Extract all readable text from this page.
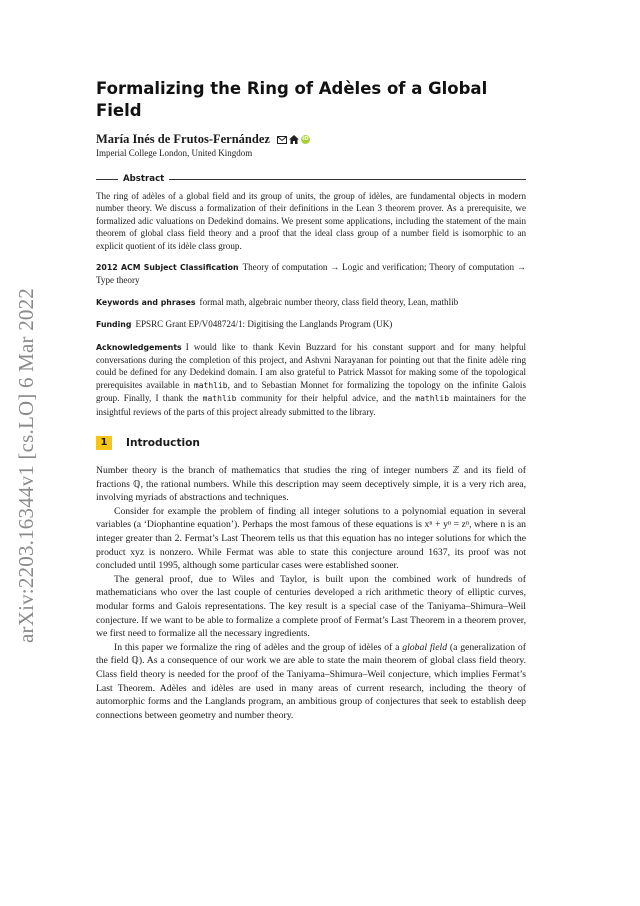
arXiv:2203.16344v1 [cs.LO] 6 Mar 2022
Formalizing the Ring of Adèles of a Global Field
María Inés de Frutos-Fernández	iD
Imperial College London, United Kingdom
Abstract

The ring of adèles of a global field and its group of units, the group of idèles, are fundamental objects in modern number theory. We discuss a formalization of their definitions in the Lean 3 theorem prover. As a prerequisite, we formalized adic valuations on Dedekind domains. We present some applications, including the statement of the main theorem of global class field theory and a proof that the ideal class group of a number field is isomorphic to an explicit quotient of its idèle class group.

2012 ACM Subject Classification Theory of computation → Logic and verification; Theory of computation → Type theory

Keywords and phrases formal math, algebraic number theory, class field theory, Lean, mathlib

Funding EPSRC Grant EP/V048724/1: Digitising the Langlands Program (UK)

Acknowledgements I would like to thank Kevin Buzzard for his constant support and for many helpful conversations during the completion of this project, and Ashvni Narayanan for pointing out that the finite adèle ring could be defined for any Dedekind domain. I am also grateful to Patrick Massot for making some of the topological prerequisites available in mathlib, and to Sebastian Monnet for formalizing the topology on the infinite Galois group. Finally, I thank the mathlib community for their helpful advice, and the mathlib maintainers for the insightful reviews of the parts of this project already submitted to the library.

1	Introduction

Number theory is the branch of mathematics that studies the ring of integer numbers ℤ and its field of fractions ℚ, the rational numbers. While this description may seem deceptively simple, it is a very rich area, involving myriads of abstractions and techniques.

Consider for example the problem of finding all integer solutions to a polynomial equation in several variables (a ‘Diophantine equation’). Perhaps the most famous of these equations is xⁿ + yⁿ = zⁿ, where n is an integer greater than 2. Fermat’s Last Theorem tells us that this equation has no integer solutions for which the product xyz is nonzero. While Fermat was able to state this conjecture around 1637, its proof was not concluded until 1995, although some particular cases were established sooner.

The general proof, due to Wiles and Taylor, is built upon the combined work of hundreds of mathematicians who over the last couple of centuries developed a rich arithmetic theory of elliptic curves, modular forms and Galois representations. The key result is a special case of the Taniyama–Shimura–Weil conjecture. If we want to be able to formalize a complete proof of Fermat’s Last Theorem in a theorem prover, we first need to formalize all the necessary ingredients.

In this paper we formalize the ring of adèles and the group of idèles of a global field (a generalization of the field ℚ). As a consequence of our work we are able to state the main theorem of global class field theory. Class field theory is needed for the proof of the Taniyama–Shimura–Weil conjecture, which implies Fermat’s Last Theorem. Adèles and idèles are used in many areas of current research, including the theory of automorphic forms and the Langlands program, an ambitious group of conjectures that seek to establish deep connections between geometry and number theory.
